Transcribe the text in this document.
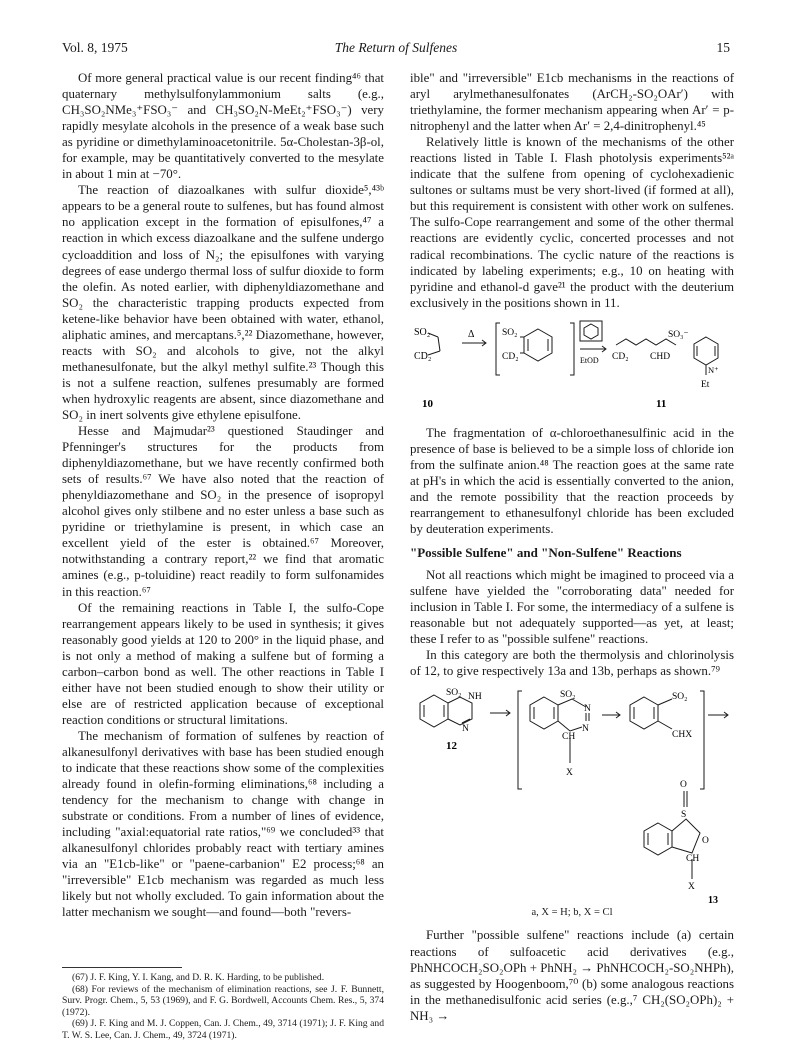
Vol. 8, 1975	The Return of Sulfenes	15

Of more general practical value is our recent finding⁴⁶ that quaternary methylsulfonylammonium salts (e.g., CH₃SO₂NMe₃⁺FSO₃⁻ and CH₃SO₂N-MeEt₂⁺FSO₃⁻) very rapidly mesylate alcohols in the presence of a weak base such as pyridine or dimethylaminoacetonitrile. 5α-Cholestan-3β-ol, for example, may be quantitatively converted to the mesylate in about 1 min at −70°.

The reaction of diazoalkanes with sulfur dioxide⁵,⁴³ᵇ appears to be a general route to sulfenes, but has found almost no application except in the formation of episulfones,⁴⁷ a reaction in which excess diazoalkane and the sulfene undergo cycloaddition and loss of N₂; the episulfones with varying degrees of ease undergo thermal loss of sulfur dioxide to form the olefin. As noted earlier, with diphenyldiazomethane and SO₂ the characteristic trapping products expected from ketene-like behavior have been obtained with water, ethanol, aliphatic amines, and mercaptans.⁵,²² Diazomethane, however, reacts with SO₂ and alcohols to give, not the alkyl methanesulfonate, but the alkyl methyl sulfite.²³ Though this is not a sulfene reaction, sulfenes presumably are formed when hydroxylic reagents are absent, since diazomethane and SO₂ in inert solvents give ethylene episulfone.

Hesse and Majmudar²³ questioned Staudinger and Pfenninger's structures for the products from diphenyldiazomethane, but we have recently confirmed both sets of results.⁶⁷ We have also noted that the reaction of phenyldiazomethane and SO₂ in the presence of isopropyl alcohol gives only stilbene and no ester unless a base such as pyridine or triethylamine is present, in which case an excellent yield of the ester is obtained.⁶⁷ Moreover, notwithstanding a contrary report,²² we find that aromatic amines (e.g., p-toluidine) react readily to form sulfonamides in this reaction.⁶⁷

Of the remaining reactions in Table I, the sulfo-Cope rearrangement appears likely to be used in synthesis; it gives reasonably good yields at 120 to 200° in the liquid phase, and is not only a method of making a sulfene but of forming a carbon–carbon bond as well. The other reactions in Table I either have not been studied enough to show their utility or else are of restricted application because of exceptional reaction conditions or structural limitations.

The mechanism of formation of sulfenes by reaction of alkanesulfonyl derivatives with base has been studied enough to indicate that these reactions show some of the complexities already found in olefin-forming eliminations,⁶⁸ including a tendency for the mechanism to change with change in substrate or conditions. From a number of lines of evidence, including "axial:equatorial rate ratios,"⁶⁹ we concluded³³ that alkanesulfonyl chlorides probably react with tertiary amines via an "E1cb-like" or "paene-carbanion" E2 process;⁶⁸ an "irreversible" E1cb mechanism was regarded as much less likely but not wholly excluded. To gain information about the latter mechanism we sought—and found—both "revers-

ible" and "irreversible" E1cb mechanisms in the reactions of aryl arylmethanesulfonates (ArCH₂-SO₂OAr′) with triethylamine, the former mechanism appearing when Ar′ = p-nitrophenyl and the latter when Ar′ = 2,4-dinitrophenyl.⁴⁵

Relatively little is known of the mechanisms of the other reactions listed in Table I. Flash photolysis experiments⁵²ᵃ indicate that the sulfene from opening of cyclohexadienic sultones or sultams must be very short-lived (if formed at all), but this requirement is consistent with other work on sulfenes. The sulfo-Cope rearrangement and some of the other thermal reactions are evidently cyclic, concerted processes and not radical recombinations. The cyclic nature of the reactions is indicated by labeling experiments; e.g., 10 on heating with pyridine and ethanol-d gave²¹ the product with the deuterium exclusively in the positions shown in 11.

SO₂
CD₂
Δ	SO₂
CD₂	EtOD CD₂ CHD
SO₃⁻
N⁺
Et
10	11

The fragmentation of α-chloroethanesulfinic acid in the presence of base is believed to be a simple loss of chloride ion from the sulfinate anion.⁴⁸ The reaction goes at the same rate at pH's in which the acid is essentially converted to the anion, and the remote possibility that the reaction proceeds by rearrangement to ethanesulfonyl chloride has been excluded by deuteration experiments.

"Possible Sulfene" and "Non-Sulfene" Reactions

Not all reactions which might be imagined to proceed via a sulfene have yielded the "corroborating data" needed for inclusion in Table I. For some, the intermediacy of a sulfene is reasonable but not adequately supported—as yet, at least; these I refer to as "possible sulfene" reactions.

In this category are both the thermolysis and chlorinolysis of 12, to give respectively 13a and 13b, perhaps as shown.⁷⁹

SO₂ NH
N
12
SO₂
N
N
CH
X
SO₂
CHX
O
S
O
CH
X
13
a, X = H; b, X = Cl

Further "possible sulfene" reactions include (a) certain reactions of sulfoacetic acid derivatives (e.g., PhNHCOCH₂SO₂OPh + PhNH₂ → PhNHCOCH₂-SO₂NHPh), as suggested by Hoogenboom,⁷⁰ (b) some analogous reactions in the methanedisulfonic acid series (e.g.,⁷ CH₂(SO₂OPh)₂ + NH₃ →

(67) J. F. King, Y. I. Kang, and D. R. K. Harding, to be published.
(68) For reviews of the mechanism of elimination reactions, see J. F. Bunnett, Surv. Progr. Chem., 5, 53 (1969), and F. G. Bordwell, Accounts Chem. Res., 5, 374 (1972).
(69) J. F. King and M. J. Coppen, Can. J. Chem., 49, 3714 (1971); J. F. King and T. W. S. Lee, Can. J. Chem., 49, 3724 (1971).
